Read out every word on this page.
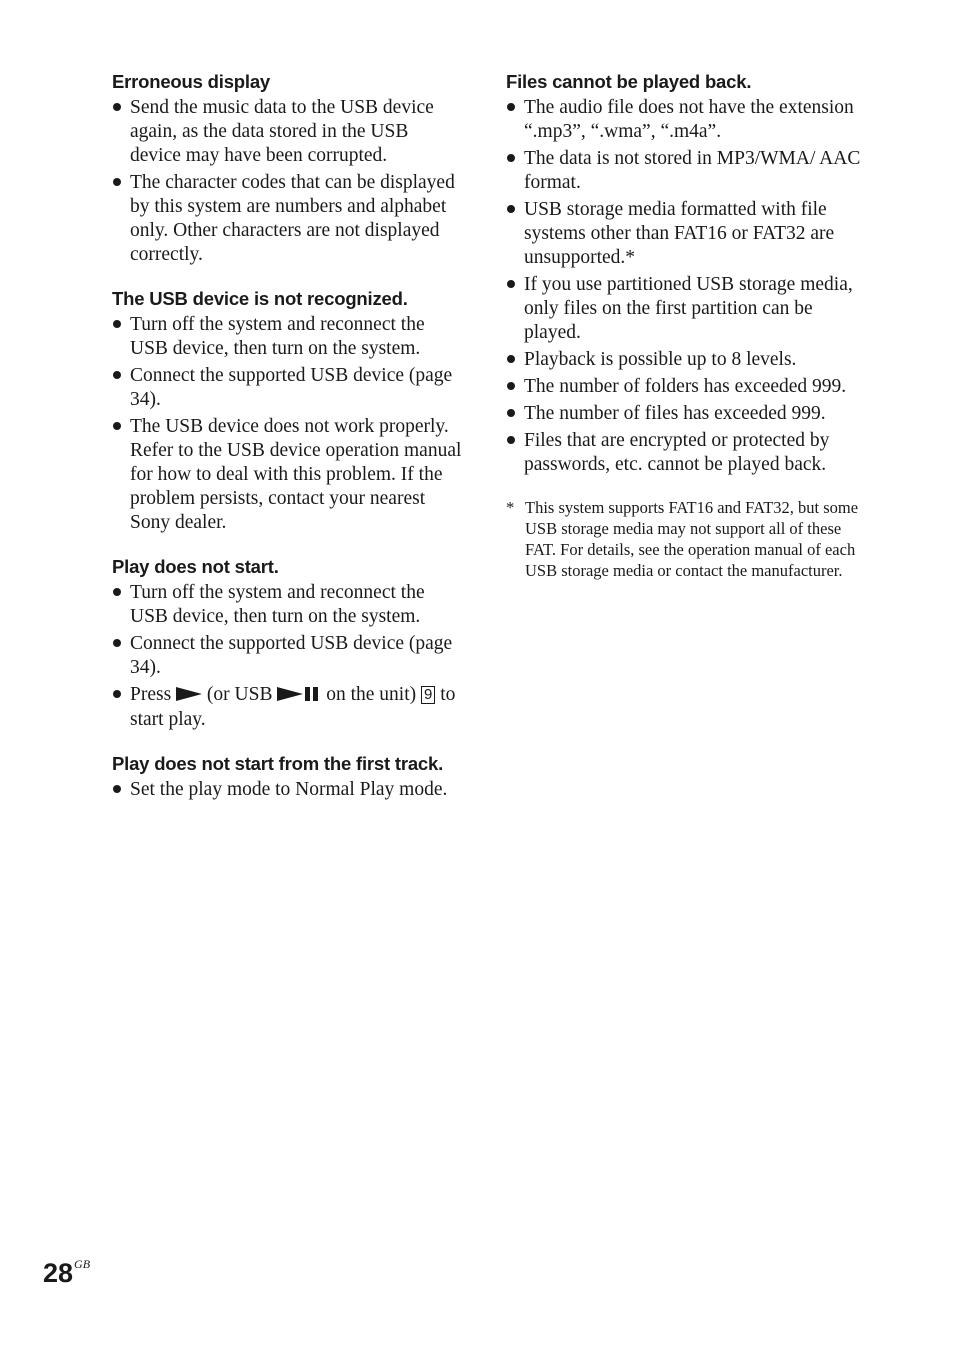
Erroneous display
Send the music data to the USB device again, as the data stored in the USB device may have been corrupted.
The character codes that can be displayed by this system are numbers and alphabet only. Other characters are not displayed correctly.
The USB device is not recognized.
Turn off the system and reconnect the USB device, then turn on the system.
Connect the supported USB device (page 34).
The USB device does not work properly. Refer to the USB device operation manual for how to deal with this problem. If the problem persists, contact your nearest Sony dealer.
Play does not start.
Turn off the system and reconnect the USB device, then turn on the system.
Connect the supported USB device (page 34).
Press (or USB	on the unit) 9 to start play.
Play does not start from the first track.
Set the play mode to Normal Play mode.
Files cannot be played back.
The audio file does not have the extension “.mp3”, “.wma”, “.m4a”.
The data is not stored in MP3/WMA/ AAC format.
USB storage media formatted with file systems other than FAT16 or FAT32 are unsupported.*
If you use partitioned USB storage media, only files on the first partition can be played.
Playback is possible up to 8 levels.
The number of folders has exceeded 999.
The number of files has exceeded 999.
Files that are encrypted or protected by passwords, etc. cannot be played back.
* This system supports FAT16 and FAT32, but some USB storage media may not support all of these FAT. For details, see the operation manual of each USB storage media or contact the manufacturer.
$28^{GB}$
